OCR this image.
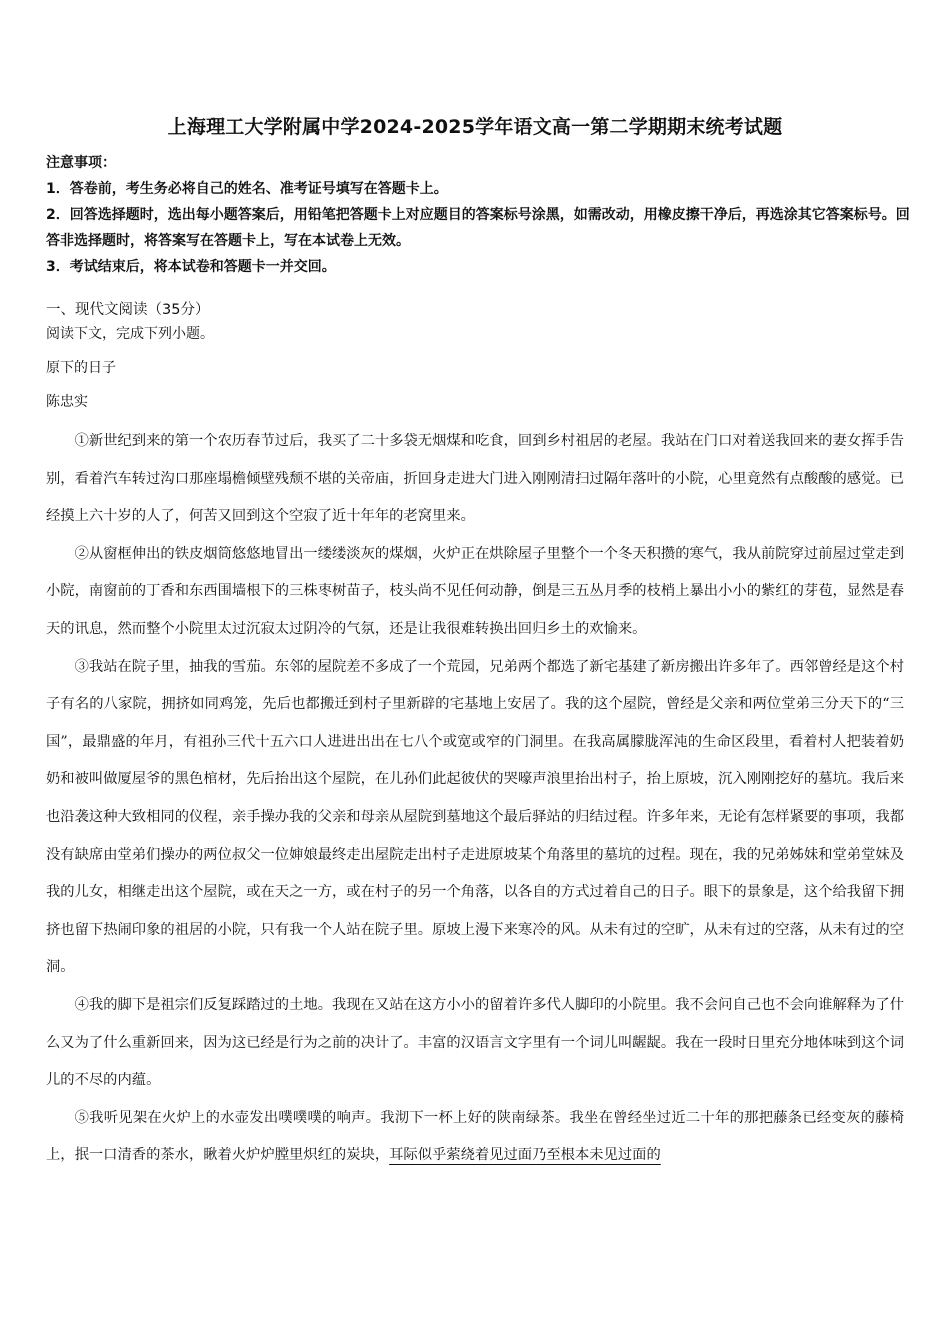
上海理工大学附属中学2024-2025学年语文高一第二学期期末统考试题

注意事项：

1．答卷前，考生务必将自己的姓名、准考证号填写在答题卡上。

2．回答选择题时，选出每小题答案后，用铅笔把答题卡上对应题目的答案标号涂黑，如需改动，用橡皮擦干净后，再选涂其它答案标号。回答非选择题时，将答案写在答题卡上，写在本试卷上无效。

3．考试结束后，将本试卷和答题卡一并交回。

一、现代文阅读（35分）
阅读下文，完成下列小题。
原下的日子
陈忠实

①新世纪到来的第一个农历春节过后，我买了二十多袋无烟煤和吃食，回到乡村祖居的老屋。我站在门口对着送我回来的妻女挥手告别，看着汽车转过沟口那座塌檐倾壁残颓不堪的关帝庙，折回身走进大门进入刚刚清扫过隔年落叶的小院，心里竟然有点酸酸的感觉。已经摸上六十岁的人了，何苦又回到这个空寂了近十年年的老窝里来。

②从窗框伸出的铁皮烟筒悠悠地冒出一缕缕淡灰的煤烟，火炉正在烘除屋子里整个一个冬天积攒的寒气，我从前院穿过前屋过堂走到小院，南窗前的丁香和东西围墙根下的三株枣树苗子，枝头尚不见任何动静，倒是三五丛月季的枝梢上暴出小小的紫红的芽苞，显然是春天的讯息，然而整个小院里太过沉寂太过阴冷的气氛，还是让我很难转换出回归乡土的欢愉来。

③我站在院子里，抽我的雪茄。东邻的屋院差不多成了一个荒园，兄弟两个都选了新宅基建了新房搬出许多年了。西邻曾经是这个村子有名的八家院，拥挤如同鸡笼，先后也都搬迁到村子里新辟的宅基地上安居了。我的这个屋院，曾经是父亲和两位堂弟三分天下的“三国”，最鼎盛的年月，有祖孙三代十五六口人进进出出在七八个或宽或窄的门洞里。在我高属朦胧浑沌的生命区段里，看着村人把装着奶奶和被叫做厦屋爷的黑色棺材，先后抬出这个屋院，在儿孙们此起彼伏的哭嚎声浪里抬出村子，抬上原坡，沉入刚刚挖好的墓坑。我后来也沿袭这种大致相同的仪程，亲手操办我的父亲和母亲从屋院到墓地这个最后驿站的归结过程。许多年来，无论有怎样紧要的事项，我都没有缺席由堂弟们操办的两位叔父一位婶娘最终走出屋院走出村子走进原坡某个角落里的墓坑的过程。现在，我的兄弟姊妹和堂弟堂妹及我的儿女，相继走出这个屋院，或在天之一方，或在村子的另一个角落，以各自的方式过着自己的日子。眼下的景象是，这个给我留下拥挤也留下热闹印象的祖居的小院，只有我一个人站在院子里。原坡上漫下来寒冷的风。从未有过的空旷，从未有过的空落，从未有过的空洞。

④我的脚下是祖宗们反复踩踏过的土地。我现在又站在这方小小的留着许多代人脚印的小院里。我不会问自己也不会向谁解释为了什么又为了什么重新回来，因为这已经是行为之前的决计了。丰富的汉语言文字里有一个词儿叫龌龊。我在一段时日里充分地体味到这个词儿的不尽的内蕴。

⑤我听见架在火炉上的水壶发出噗噗噗的响声。我沏下一杯上好的陕南绿茶。我坐在曾经坐过近二十年的那把藤条已经变灰的藤椅上，抿一口清香的茶水，瞅着火炉炉膛里炽红的炭块，耳际似乎萦绕着见过面乃至根本未见过面的
